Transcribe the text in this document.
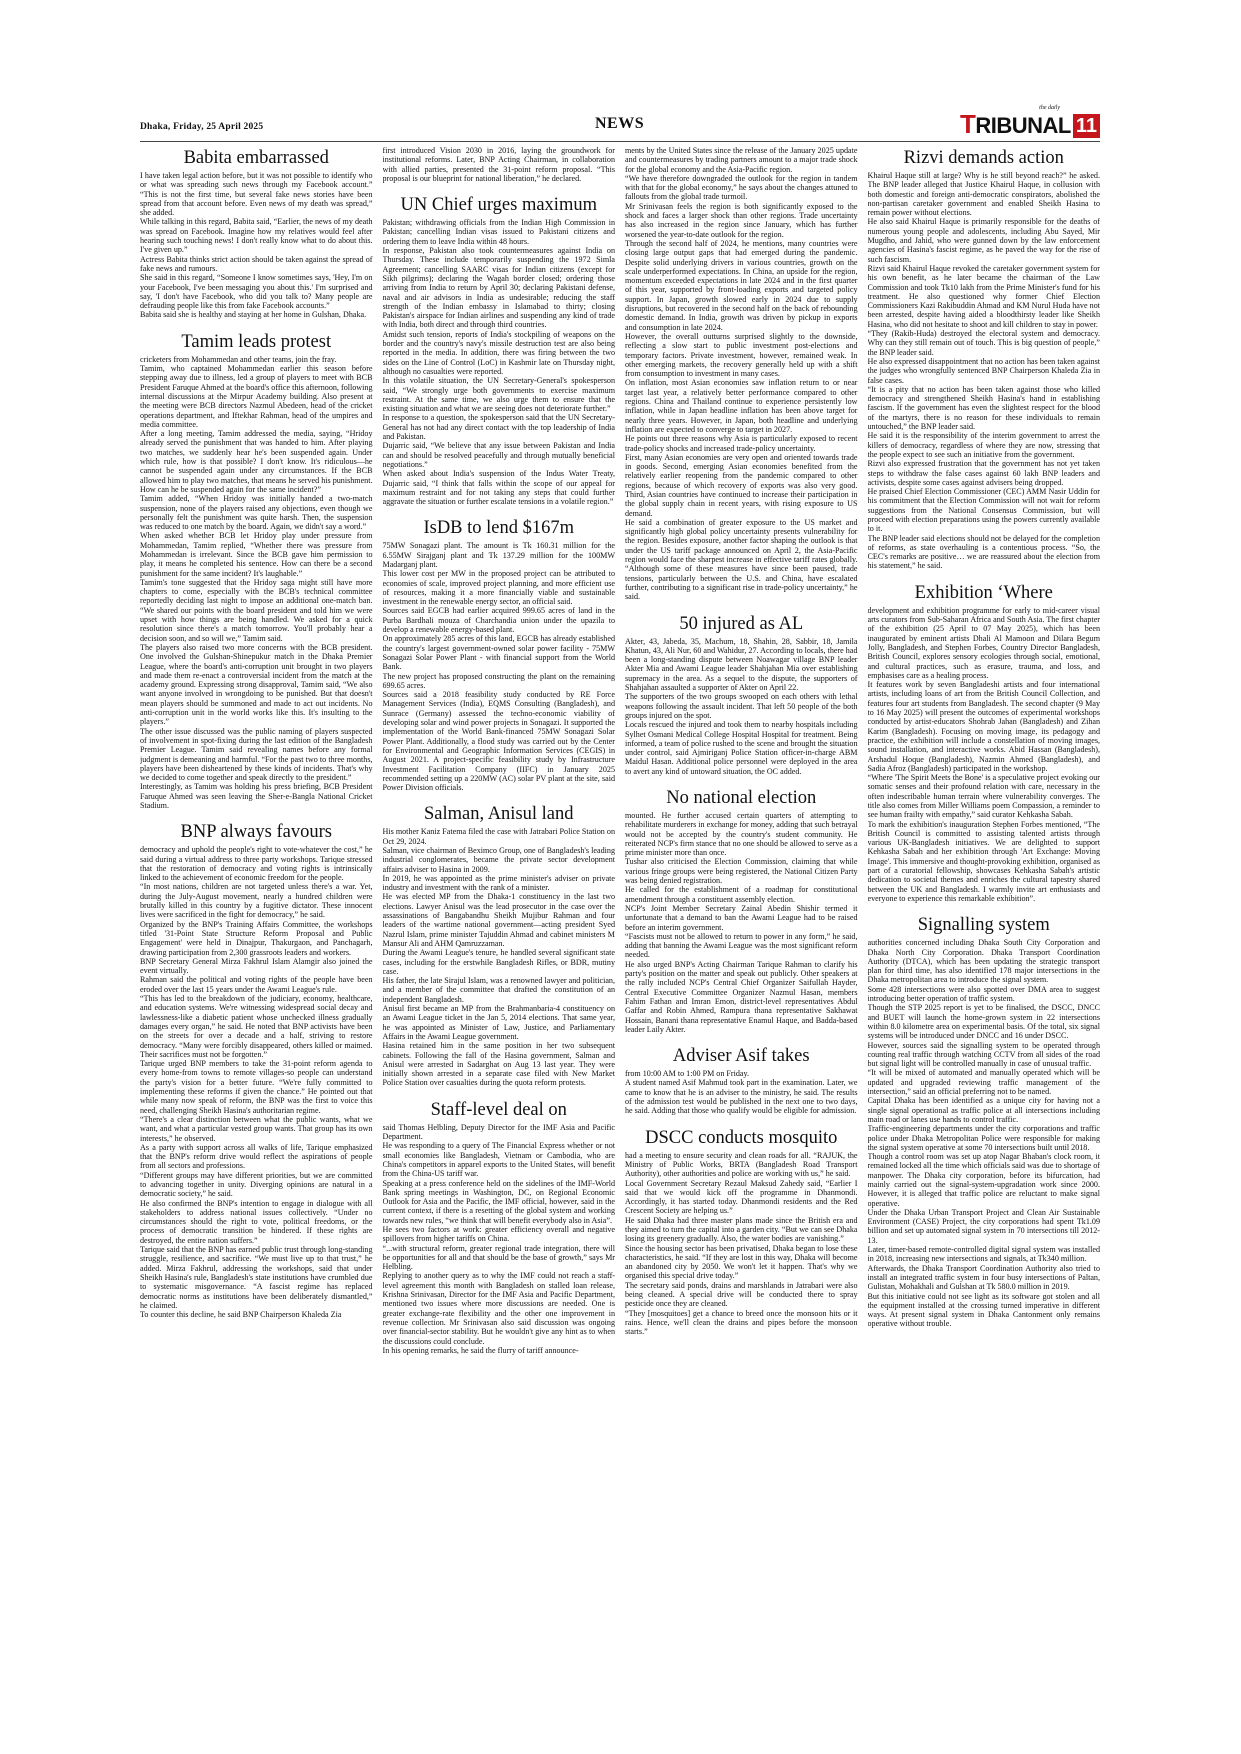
Dhaka, Friday, 25 April 2025	NEWS
the daily
TRIBUNAL 11
Babita embarrassed

I have taken legal action before, but it was not possible to identify who or what was spreading such news through my Facebook account.” “This is not the first time, but several fake news stories have been spread from that account before. Even news of my death was spread,” she added.

While talking in this regard, Babita said, “Earlier, the news of my death was spread on Facebook. Imagine how my relatives would feel after hearing such touching news! I don't really know what to do about this. I've given up.”

Actress Babita thinks strict action should be taken against the spread of fake news and rumours.

She said in this regard, “Someone I know sometimes says, 'Hey, I'm on your Facebook, I've been messaging you about this.' I'm surprised and say, 'I don't have Facebook, who did you talk to? Many people are defrauding people like this from fake Facebook accounts.”

Babita said she is healthy and staying at her home in Gulshan, Dhaka.

Tamim leads protest

cricketers from Mohammedan and other teams, join the fray.

Tamim, who captained Mohammedan earlier this season before stepping away due to illness, led a group of players to meet with BCB President Faruque Ahmed at the board's office this afternoon, following internal discussions at the Mirpur Academy building. Also present at the meeting were BCB directors Nazmul Abedeen, head of the cricket operations department, and Iftekhar Rahman, head of the umpires and media committee.

After a long meeting, Tamim addressed the media, saying, “Hridoy already served the punishment that was handed to him. After playing two matches, we suddenly hear he's been suspended again. Under which rule, how is that possible? I don't know. It's ridiculous—he cannot be suspended again under any circumstances. If the BCB allowed him to play two matches, that means he served his punishment. How can he be suspended again for the same incident?”

Tamim added, “When Hridoy was initially handed a two-match suspension, none of the players raised any objections, even though we personally felt the punishment was quite harsh. Then, the suspension was reduced to one match by the board. Again, we didn't say a word.”

When asked whether BCB let Hridoy play under pressure from Mohammedan, Tamim replied, “Whether there was pressure from Mohammedan is irrelevant. Since the BCB gave him permission to play, it means he completed his sentence. How can there be a second punishment for the same incident? It's laughable.”

Tamim's tone suggested that the Hridoy saga might still have more chapters to come, especially with the BCB's technical committee reportedly deciding last night to impose an additional one-match ban. “We shared our points with the board president and told him we were upset with how things are being handled. We asked for a quick resolution since there's a match tomorrow. You'll probably hear a decision soon, and so will we,” Tamim said.

The players also raised two more concerns with the BCB president. One involved the Gulshan-Shinepukur match in the Dhaka Premier League, where the board's anti-corruption unit brought in two players and made them re-enact a controversial incident from the match at the academy ground. Expressing strong disapproval, Tamim said, “We also want anyone involved in wrongdoing to be punished. But that doesn't mean players should be summoned and made to act out incidents. No anti-corruption unit in the world works like this. It's insulting to the players.”

The other issue discussed was the public naming of players suspected of involvement in spot-fixing during the last edition of the Bangladesh Premier League. Tamim said revealing names before any formal judgment is demeaning and harmful. “For the past two to three months, players have been disheartened by these kinds of incidents. That's why we decided to come together and speak directly to the president.”

Interestingly, as Tamim was holding his press briefing, BCB President Faruque Ahmed was seen leaving the Sher-e-Bangla National Cricket Stadium.

BNP always favours

democracy and uphold the people's right to vote-whatever the cost,” he said during a virtual address to three party workshops. Tarique stressed that the restoration of democracy and voting rights is intrinsically linked to the achievement of economic freedom for the people.

“In most nations, children are not targeted unless there's a war. Yet, during the July-August movement, nearly a hundred children were brutally killed in this country by a fugitive dictator. These innocent lives were sacrificed in the fight for democracy,” he said.

Organized by the BNP's Training Affairs Committee, the workshops titled '31-Point State Structure Reform Proposal and Public Engagement' were held in Dinajpur, Thakurgaon, and Panchagarh, drawing participation from 2,300 grassroots leaders and workers.

BNP Secretary General Mirza Fakhrul Islam Alamgir also joined the event virtually.

Rahman said the political and voting rights of the people have been eroded over the last 15 years under the Awami League's rule.

“This has led to the breakdown of the judiciary, economy, healthcare, and education systems. We're witnessing widespread social decay and lawlessness-like a diabetic patient whose unchecked illness gradually damages every organ,” he said. He noted that BNP activists have been on the streets for over a decade and a half, striving to restore democracy. “Many were forcibly disappeared, others killed or maimed. Their sacrifices must not be forgotten.”

Tarique urged BNP members to take the 31-point reform agenda to every home-from towns to remote villages-so people can understand the party's vision for a better future. “We're fully committed to implementing these reforms if given the chance.” He pointed out that while many now speak of reform, the BNP was the first to voice this need, challenging Sheikh Hasina's authoritarian regime.

“There's a clear distinction between what the public wants, what we want, and what a particular vested group wants. That group has its own interests,” he observed.

As a party with support across all walks of life, Tarique emphasized that the BNP's reform drive would reflect the aspirations of people from all sectors and professions.

“Different groups may have different priorities, but we are committed to advancing together in unity. Diverging opinions are natural in a democratic society,” he said.

He also confirmed the BNP's intention to engage in dialogue with all stakeholders to address national issues collectively. “Under no circumstances should the right to vote, political freedoms, or the process of democratic transition be hindered. If these rights are destroyed, the entire nation suffers.”

Tarique said that the BNP has earned public trust through long-standing struggle, resilience, and sacrifice. “We must live up to that trust,” he added. Mirza Fakhrul, addressing the workshops, said that under Sheikh Hasina's rule, Bangladesh's state institutions have crumbled due to systematic misgovernance. “A fascist regime has replaced democratic norms as institutions have been deliberately dismantled,” he claimed.

To counter this decline, he said BNP Chairperson Khaleda Zia

first introduced Vision 2030 in 2016, laying the groundwork for institutional reforms. Later, BNP Acting Chairman, in collaboration with allied parties, presented the 31-point reform proposal. “This proposal is our blueprint for national liberation,” he declared.

UN Chief urges maximum

Pakistan; withdrawing officials from the Indian High Commission in Pakistan; cancelling Indian visas issued to Pakistani citizens and ordering them to leave India within 48 hours.

In response, Pakistan also took countermeasures against India on Thursday. These include temporarily suspending the 1972 Simla Agreement; cancelling SAARC visas for Indian citizens (except for Sikh pilgrims); declaring the Wagah border closed; ordering those arriving from India to return by April 30; declaring Pakistani defense, naval and air advisors in India as undesirable; reducing the staff strength of the Indian embassy in Islamabad to thirty; closing Pakistan's airspace for Indian airlines and suspending any kind of trade with India, both direct and through third countries.

Amidst such tension, reports of India's stockpiling of weapons on the border and the country's navy's missile destruction test are also being reported in the media. In addition, there was firing between the two sides on the Line of Control (LoC) in Kashmir late on Thursday night, although no casualties were reported.

In this volatile situation, the UN Secretary-General's spokesperson said, “We strongly urge both governments to exercise maximum restraint. At the same time, we also urge them to ensure that the existing situation and what we are seeing does not deteriorate further.”

In response to a question, the spokesperson said that the UN Secretary-General has not had any direct contact with the top leadership of India and Pakistan.

Dujarric said, “We believe that any issue between Pakistan and India can and should be resolved peacefully and through mutually beneficial negotiations.”

When asked about India's suspension of the Indus Water Treaty, Dujarric said, “I think that falls within the scope of our appeal for maximum restraint and for not taking any steps that could further aggravate the situation or further escalate tensions in a volatile region.”

IsDB to lend $167m

75MW Sonagazi plant. The amount is Tk 160.31 million for the 6.55MW Sirajganj plant and Tk 137.29 million for the 100MW Madarganj plant.

This lower cost per MW in the proposed project can be attributed to economies of scale, improved project planning, and more efficient use of resources, making it a more financially viable and sustainable investment in the renewable energy sector, an official said.

Sources said EGCB had earlier acquired 999.65 acres of land in the Purba Bardhali mouza of Charchandia union under the upazila to develop a renewable energy-based plant.

On approximately 285 acres of this land, EGCB has already established the country's largest government-owned solar power facility - 75MW Sonagazi Solar Power Plant - with financial support from the World Bank.

The new project has proposed constructing the plant on the remaining 699.65 acres.

Sources said a 2018 feasibility study conducted by RE Force Management Services (India), EQMS Consulting (Bangladesh), and Sunrace (Germany) assessed the techno-economic viability of developing solar and wind power projects in Sonagazi. It supported the implementation of the World Bank-financed 75MW Sonagazi Solar Power Plant. Additionally, a flood study was carried out by the Center for Environmental and Geographic Information Services (CEGIS) in August 2021. A project-specific feasibility study by Infrastructure Investment Facilitation Company (IIFC) in January 2025 recommended setting up a 220MW (AC) solar PV plant at the site, said Power Division officials.

Salman, Anisul land

His mother Kaniz Fatema filed the case with Jatrabari Police Station on Oct 29, 2024.

Salman, vice chairman of Beximco Group, one of Bangladesh's leading industrial conglomerates, became the private sector development affairs adviser to Hasina in 2009.

In 2019, he was appointed as the prime minister's adviser on private industry and investment with the rank of a minister.

He was elected MP from the Dhaka-1 constituency in the last two elections. Lawyer Anisul was the lead prosecutor in the case over the assassinations of Bangabandhu Sheikh Mujibur Rahman and four leaders of the wartime national government—acting president Syed Nazrul Islam, prime minister Tajuddin Ahmad and cabinet ministers M Mansur Ali and AHM Qamruzzaman.

During the Awami League's tenure, he handled several significant state cases, including for the erstwhile Bangladesh Rifles, or BDR, mutiny case.

His father, the late Sirajul Islam, was a renowned lawyer and politician, and a member of the committee that drafted the constitution of an independent Bangladesh.

Anisul first became an MP from the Brahmanbaria-4 constituency on an Awami League ticket in the Jan 5, 2014 elections. That same year, he was appointed as Minister of Law, Justice, and Parliamentary Affairs in the Awami League government.

Hasina retained him in the same position in her two subsequent cabinets. Following the fall of the Hasina government, Salman and Anisul were arrested in Sadarghat on Aug 13 last year. They were initially shown arrested in a separate case filed with New Market Police Station over casualties during the quota reform protests.

Staff-level deal on

said Thomas Helbling, Deputy Director for the IMF Asia and Pacific Department.

He was responding to a query of The Financial Express whether or not small economies like Bangladesh, Vietnam or Cambodia, who are China's competitors in apparel exports to the United States, will benefit from the China-US tariff war.

Speaking at a press conference held on the sidelines of the IMF-World Bank spring meetings in Washington, DC, on Regional Economic Outlook for Asia and the Pacific, the IMF official, however, said in the current context, if there is a resetting of the global system and working towards new rules, “we think that will benefit everybody also in Asia”.

He sees two factors at work: greater efficiency overall and negative spillovers from higher tariffs on China.

“...with structural reform, greater regional trade integration, there will be opportunities for all and that should be the base of growth,” says Mr Helbling.

Replying to another query as to why the IMF could not reach a staff-level agreement this month with Bangladesh on stalled loan release, Krishna Srinivasan, Director for the IMF Asia and Pacific Department, mentioned two issues where more discussions are needed. One is greater exchange-rate flexibility and the other one improvement in revenue collection. Mr Srinivasan also said discussion was ongoing over financial-sector stability. But he wouldn't give any hint as to when the discussions could conclude.

In his opening remarks, he said the flurry of tariff announce-

ments by the United States since the release of the January 2025 update and countermeasures by trading partners amount to a major trade shock for the global economy and the Asia-Pacific region.

“We have therefore downgraded the outlook for the region in tandem with that for the global economy,” he says about the changes attuned to fallouts from the global trade turmoil.

Mr Srinivasan feels the region is both significantly exposed to the shock and faces a larger shock than other regions. Trade uncertainty has also increased in the region since January, which has further worsened the year-to-date outlook for the region.

Through the second half of 2024, he mentions, many countries were closing large output gaps that had emerged during the pandemic. Despite solid underlying drivers in various countries, growth on the scale underperformed expectations. In China, an upside for the region, momentum exceeded expectations in late 2024 and in the first quarter of this year, supported by front-loading exports and targeted policy support. In Japan, growth slowed early in 2024 due to supply disruptions, but recovered in the second half on the back of rebounding domestic demand. In India, growth was driven by pickup in exports and consumption in late 2024.

However, the overall outturns surprised slightly to the downside, reflecting a slow start to public investment post-elections and temporary factors. Private investment, however, remained weak. In other emerging markets, the recovery generally held up with a shift from consumption to investment in many cases.

On inflation, most Asian economies saw inflation return to or near target last year, a relatively better performance compared to other regions. China and Thailand continue to experience persistently low inflation, while in Japan headline inflation has been above target for nearly three years. However, in Japan, both headline and underlying inflation are expected to converge to target in 2027.

He points out three reasons why Asia is particularly exposed to recent trade-policy shocks and increased trade-policy uncertainty.

First, many Asian economies are very open and oriented towards trade in goods. Second, emerging Asian economies benefited from the relatively earlier reopening from the pandemic compared to other regions, because of which recovery of exports was also very good. Third, Asian countries have continued to increase their participation in the global supply chain in recent years, with rising exposure to US demand.

He said a combination of greater exposure to the US market and significantly high global policy uncertainty presents vulnerability for the region. Besides exposure, another factor shaping the outlook is that under the US tariff package announced on April 2, the Asia-Pacific region would face the sharpest increase in effective tariff rates globally. “Although some of these measures have since been paused, trade tensions, particularly between the U.S. and China, have escalated further, contributing to a significant rise in trade-policy uncertainty,” he said.

50 injured as AL

Akter, 43, Jabeda, 35, Machum, 18, Shahin, 28, Sabbir, 18, Jamila Khatun, 43, Ali Nur, 60 and Wahidur, 27. According to locals, there had been a long-standing dispute between Noawagar village BNP leader Akter Mia and Awami League leader Shahjahan Mia over establishing supremacy in the area. As a sequel to the dispute, the supporters of Shahjahan assaulted a supporter of Akter on April 22.

The supporters of the two groups swooped on each others with lethal weapons following the assault incident. That left 50 people of the both groups injured on the spot.

Locals rescued the injured and took them to nearby hospitals including Sylhet Osmani Medical College Hospital Hospital for treatment. Being informed, a team of police rushed to the scene and brought the situation under control, said Ajmiriganj Police Station officer-in-charge ABM Maidul Hasan. Additional police personnel were deployed in the area to avert any kind of untoward situation, the OC added.

No national election

mounted. He further accused certain quarters of attempting to rehabilitate murderers in exchange for money, adding that such betrayal would not be accepted by the country's student community. He reiterated NCP's firm stance that no one should be allowed to serve as a prime minister more than once.

Tushar also criticised the Election Commission, claiming that while various fringe groups were being registered, the National Citizen Party was being denied registration.

He called for the establishment of a roadmap for constitutional amendment through a constituent assembly election.

NCP's Joint Member Secretary Zainal Abedin Shishir termed it unfortunate that a demand to ban the Awami League had to be raised before an interim government.

“Fascists must not be allowed to return to power in any form,” he said, adding that banning the Awami League was the most significant reform needed.

He also urged BNP's Acting Chairman Tarique Rahman to clarify his party's position on the matter and speak out publicly. Other speakers at the rally included NCP's Central Chief Organizer Saifullah Hayder, Central Executive Committee Organizer Nazmul Hasan, members Fahim Fathan and Imran Emon, district-level representatives Abdul Gaffar and Robin Ahmed, Rampura thana representative Sakhawat Hossain, Banani thana representative Enamul Haque, and Badda-based leader Laily Akter.

Adviser Asif takes

from 10:00 AM to 1:00 PM on Friday.

A student named Asif Mahmud took part in the examination. Later, we came to know that he is an adviser to the ministry, he said. The results of the admission test would be published in the next one to two days, he said. Adding that those who qualify would be eligible for admission.

DSCC conducts mosquito

had a meeting to ensure security and clean roads for all. “RAJUK, the Ministry of Public Works, BRTA (Bangladesh Road Transport Authority), other authorities and police are working with us,” he said.

Local Government Secretary Rezaul Maksud Zahedy said, “Earlier I said that we would kick off the programme in Dhanmondi. Accordingly, it has started today. Dhanmondi residents and the Red Crescent Society are helping us.”

He said Dhaka had three master plans made since the British era and they aimed to turn the capital into a garden city. “But we can see Dhaka losing its greenery gradually. Also, the water bodies are vanishing.”

Since the housing sector has been privatised, Dhaka began to lose these characteristics, he said. “If they are lost in this way, Dhaka will become an abandoned city by 2050. We won't let it happen. That's why we organised this special drive today.”

The secretary said ponds, drains and marshlands in Jatrabari were also being cleaned. A special drive will be conducted there to spray pesticide once they are cleaned.

“They [mosquitoes] get a chance to breed once the monsoon hits or it rains. Hence, we'll clean the drains and pipes before the monsoon starts.”

Rizvi demands action

Khairul Haque still at large? Why is he still beyond reach?” he asked. The BNP leader alleged that Justice Khairul Haque, in collusion with both domestic and foreign anti-democratic conspirators, abolished the non-partisan caretaker government and enabled Sheikh Hasina to remain power without elections.

He also said Khairul Haque is primarily responsible for the deaths of numerous young people and adolescents, including Abu Sayed, Mir Mugdho, and Jahid, who were gunned down by the law enforcement agencies of Hasina's fascist regime, as he paved the way for the rise of such fascism.

Rizvi said Khairul Haque revoked the caretaker government system for his own benefit, as he later became the chairman of the Law Commission and took Tk10 lakh from the Prime Minister's fund for his treatment. He also questioned why former Chief Election Commissioners Kazi Rakibuddin Ahmad and KM Nurul Huda have not been arrested, despite having aided a bloodthirsty leader like Sheikh Hasina, who did not hesitate to shoot and kill children to stay in power.

“They (Rakib-Huda) destroyed the electoral system and democracy. Why can they still remain out of touch. This is big question of people,” the BNP leader said.

He also expressed disappointment that no action has been taken against the judges who wrongfully sentenced BNP Chairperson Khaleda Zia in false cases.

“It is a pity that no action has been taken against those who killed democracy and strengthened Sheikh Hasina's hand in establishing fascism. If the government has even the slightest respect for the blood of the martyrs, there is no reason for these individuals to remain untouched,” the BNP leader said.

He said it is the responsibility of the interim government to arrest the killers of democracy, regardless of where they are now, stressing that the people expect to see such an initiative from the government.

Rizvi also expressed frustration that the government has not yet taken steps to withdraw the false cases against 60 lakh BNP leaders and activists, despite some cases against advisers being dropped.

He praised Chief Election Commissioner (CEC) AMM Nasir Uddin for his commitment that the Election Commission will not wait for reform suggestions from the National Consensus Commission, but will proceed with election preparations using the powers currently available to it.

The BNP leader said elections should not be delayed for the completion of reforms, as state overhauling is a contentious process. “So, the CEC's remarks are positive… we are reassured about the election from his statement,” he said.

Exhibition ‘Where

development and exhibition programme for early to mid-career visual arts curators from Sub-Saharan Africa and South Asia. The first chapter of the exhibition (25 April to 07 May 2025), which has been inaugurated by eminent artists Dhali Al Mamoon and Dilara Begum Jolly, Bangladesh, and Stephen Forbes, Country Director Bangladesh, British Council, explores sensory ecologies through social, emotional, and cultural practices, such as erasure, trauma, and loss, and emphasises care as a healing process.

It features work by seven Bangladeshi artists and four international artists, including loans of art from the British Council Collection, and features four art students from Bangladesh. The second chapter (9 May to 16 May 2025) will present the outcomes of experimental workshops conducted by artist-educators Shohrab Jahan (Bangladesh) and Zihan Karim (Bangladesh). Focusing on moving image, its pedagogy and practice, the exhibition will include a constellation of moving images, sound installation, and interactive works. Abid Hassan (Bangladesh), Arshadul Hoque (Bangladesh), Nazmin Ahmed (Bangladesh), and Sadia Afroz (Bangladesh) participated in the workshop.

“Where 'The Spirit Meets the Bone' is a speculative project evoking our somatic senses and their profound relation with care, necessary in the often indescribable human terrain where vulnerability converges. The title also comes from Miller Williams poem Compassion, a reminder to see human frailty with empathy,” said curator Kehkasha Sabah.

To mark the exhibition's inauguration Stephen Forbes mentioned, “The British Council is committed to assisting talented artists through various UK-Bangladesh initiatives. We are delighted to support Kehkasha Sabah and her exhibition through 'Art Exchange: Moving Image'. This immersive and thought-provoking exhibition, organised as part of a curatorial fellowship, showcases Kehkasha Sabah's artistic dedication to societal themes and enriches the cultural tapestry shared between the UK and Bangladesh. I warmly invite art enthusiasts and everyone to experience this remarkable exhibition”.

Signalling system

authorities concerned including Dhaka South City Corporation and Dhaka North City Corporation. Dhaka Transport Coordination Authority (DTCA), which has been updating the strategic transport plan for third time, has also identified 178 major intersections in the Dhaka metropolitan area to introduce the signal system.

Some 428 intersections were also spotted over DMA area to suggest introducing better operation of traffic system.

Though the STP 2025 report is yet to be finalised, the DSCC, DNCC and BUET will launch the home-grown system in 22 intersections within 8.0 kilometre area on experimental basis. Of the total, six signal systems will be introduced under DNCC and 16 under DSCC.

However, sources said the signalling system to be operated through counting real traffic through watching CCTV from all sides of the road but signal light will be controlled manually in case of unusual traffic.

“It will be mixed of automated and manually operated which will be updated and upgraded reviewing traffic management of the intersection,” said an official preferring not to be named.

Capital Dhaka has been identified as a unique city for having not a single signal operational as traffic police at all intersections including main road or lanes use hands to control traffic.

Traffic-engineering departments under the city corporations and traffic police under Dhaka Metropolitan Police were responsible for making the signal system operative at some 70 intersections built until 2018.

Though a control room was set up atop Nagar Bhaban's clock room, it remained locked all the time which officials said was due to shortage of manpower. The Dhaka city corporation, before its bifurcation, had mainly carried out the signal-system-upgradation work since 2000. However, it is alleged that traffic police are reluctant to make signal operative.

Under the Dhaka Urban Transport Project and Clean Air Sustainable Environment (CASE) Project, the city corporations had spent Tk1.09 billion and set up automated signal system in 70 intersections till 2012-13.

Later, timer-based remote-controlled digital signal system was installed in 2018, increasing new intersections and signals, at Tk340 million.

Afterwards, the Dhaka Transport Coordination Authority also tried to install an integrated traffic system in four busy intersections of Paltan, Gulistan, Mohakhali and Gulshan at Tk 580.0 million in 2019.

But this initiative could not see light as its software got stolen and all the equipment installed at the crossing turned imperative in different ways. At present signal system in Dhaka Cantonment only remains operative without trouble.
